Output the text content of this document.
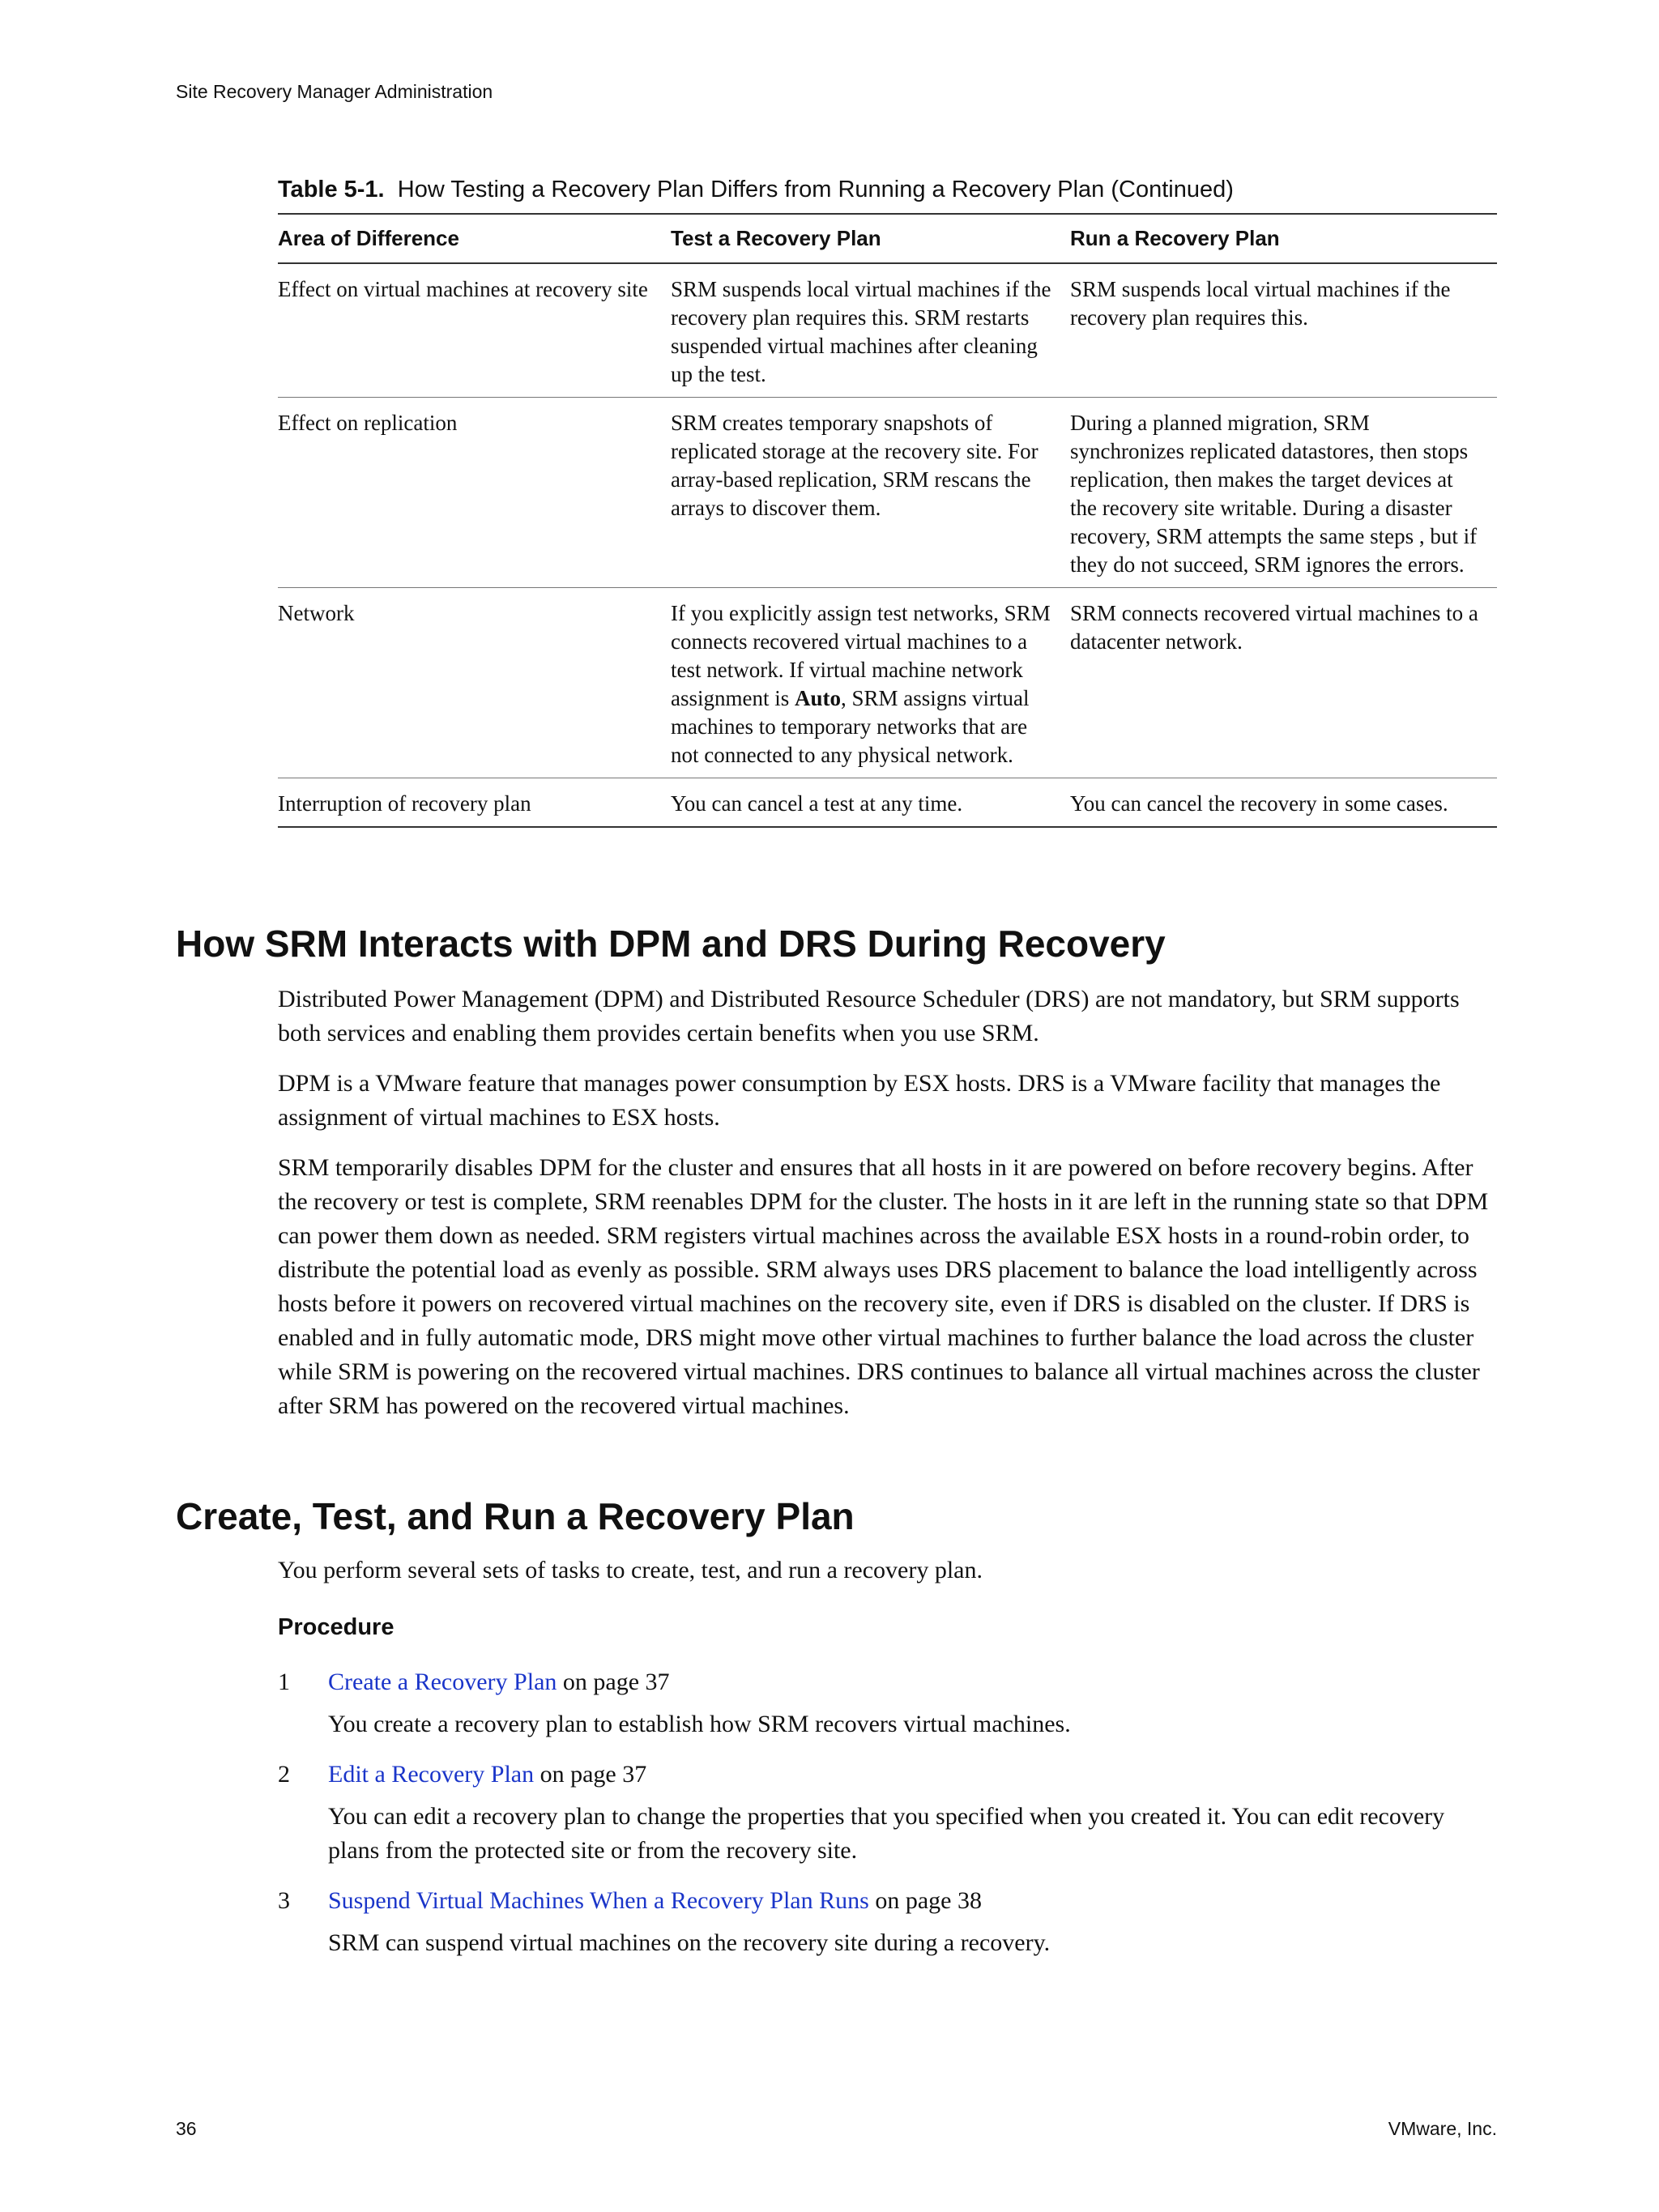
Site Recovery Manager Administration
Table 5-1. How Testing a Recovery Plan Differs from Running a Recovery Plan (Continued)
Area of Difference	Test a Recovery Plan	Run a Recovery Plan
Effect on virtual machines at recovery site	SRM suspends local virtual machines if the recovery plan requires this. SRM restarts suspended virtual machines after cleaning up the test.	SRM suspends local virtual machines if the recovery plan requires this.
Effect on replication	SRM creates temporary snapshots of replicated storage at the recovery site. For array-based replication, SRM rescans the arrays to discover them.	During a planned migration, SRM synchronizes replicated datastores, then stops replication, then makes the target devices at the recovery site writable. During a disaster recovery, SRM attempts the same steps , but if they do not succeed, SRM ignores the errors.
Network	If you explicitly assign test networks, SRM connects recovered virtual machines to a test network. If virtual machine network assignment is Auto, SRM assigns virtual machines to temporary networks that are not connected to any physical network.	SRM connects recovered virtual machines to a datacenter network.
Interruption of recovery plan	You can cancel a test at any time.	You can cancel the recovery in some cases.
How SRM Interacts with DPM and DRS During Recovery

Distributed Power Management (DPM) and Distributed Resource Scheduler (DRS) are not mandatory, but SRM supports both services and enabling them provides certain benefits when you use SRM.

DPM is a VMware feature that manages power consumption by ESX hosts. DRS is a VMware facility that manages the assignment of virtual machines to ESX hosts.

SRM temporarily disables DPM for the cluster and ensures that all hosts in it are powered on before recovery begins. After the recovery or test is complete, SRM reenables DPM for the cluster. The hosts in it are left in the running state so that DPM can power them down as needed. SRM registers virtual machines across the available ESX hosts in a round-robin order, to distribute the potential load as evenly as possible. SRM always uses DRS placement to balance the load intelligently across hosts before it powers on recovered virtual machines on the recovery site, even if DRS is disabled on the cluster. If DRS is enabled and in fully automatic mode, DRS might move other virtual machines to further balance the load across the cluster while SRM is powering on the recovered virtual machines. DRS continues to balance all virtual machines across the cluster after SRM has powered on the recovered virtual machines.

Create, Test, and Run a Recovery Plan
You perform several sets of tasks to create, test, and run a recovery plan.
Procedure
1 Create a Recovery Plan on page 37
You create a recovery plan to establish how SRM recovers virtual machines.
2 Edit a Recovery Plan on page 37
You can edit a recovery plan to change the properties that you specified when you created it. You can edit recovery plans from the protected site or from the recovery site.
3 Suspend Virtual Machines When a Recovery Plan Runs on page 38
SRM can suspend virtual machines on the recovery site during a recovery.
36	VMware, Inc.
